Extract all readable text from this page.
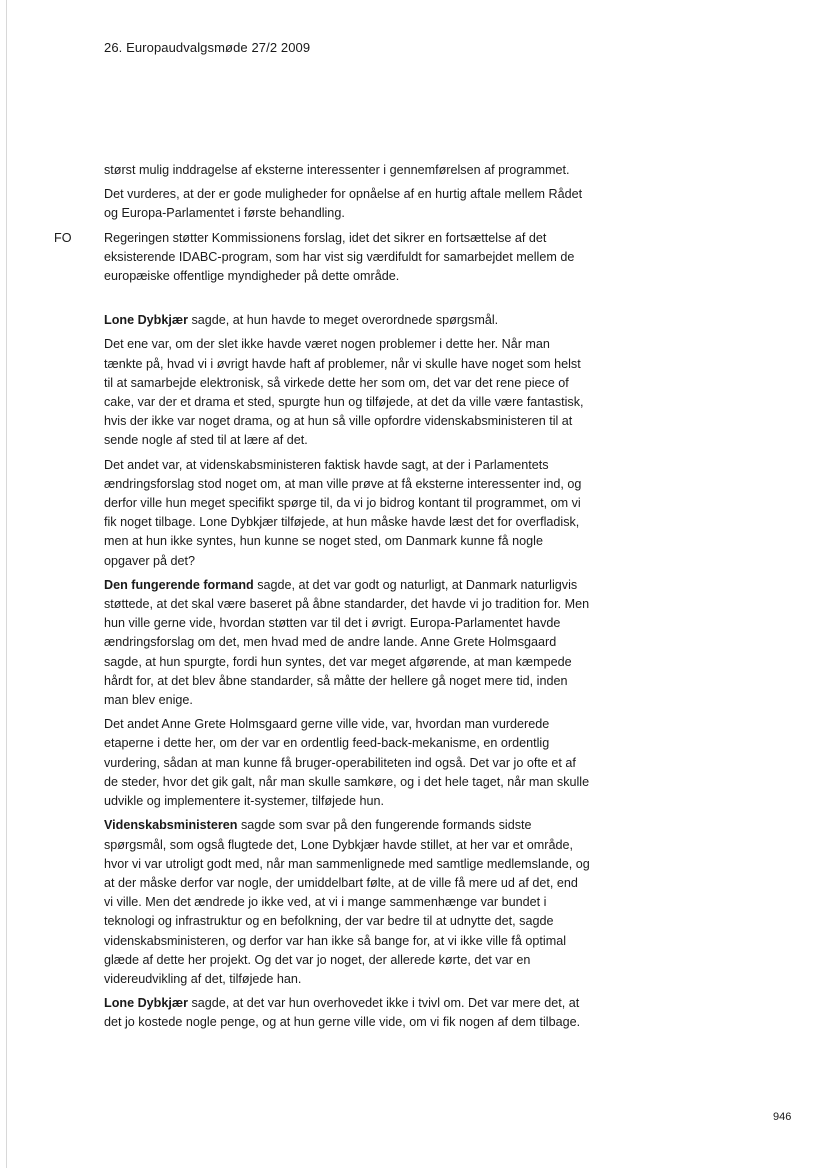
26. Europaudvalgsmøde 27/2 2009

størst mulig inddragelse af eksterne interessenter i gennemførelsen af programmet.

Det vurderes, at der er gode muligheder for opnåelse af en hurtig aftale mellem Rådet og Europa-Parlamentet i første behandling.

FO	Regeringen støtter Kommissionens forslag, idet det sikrer en fortsættelse af det eksisterende IDABC-program, som har vist sig værdifuldt for samarbejdet mellem de europæiske offentlige myndigheder på dette område.

Lone Dybkjær sagde, at hun havde to meget overordnede spørgsmål.

Det ene var, om der slet ikke havde været nogen problemer i dette her. Når man tænkte på, hvad vi i øvrigt havde haft af problemer, når vi skulle have noget som helst til at samarbejde elektronisk, så virkede dette her som om, det var det rene piece of cake, var der et drama et sted, spurgte hun og tilføjede, at det da ville være fantastisk, hvis der ikke var noget drama, og at hun så ville opfordre videnskabsministeren til at sende nogle af sted til at lære af det.

Det andet var, at videnskabsministeren faktisk havde sagt, at der i Parlamentets ændringsforslag stod noget om, at man ville prøve at få eksterne interessenter ind, og derfor ville hun meget specifikt spørge til, da vi jo bidrog kontant til programmet, om vi fik noget tilbage. Lone Dybkjær tilføjede, at hun måske havde læst det for overfladisk, men at hun ikke syntes, hun kunne se noget sted, om Danmark kunne få nogle opgaver på det?

Den fungerende formand sagde, at det var godt og naturligt, at Danmark naturligvis støttede, at det skal være baseret på åbne standarder, det havde vi jo tradition for. Men hun ville gerne vide, hvordan støtten var til det i øvrigt. Europa-Parlamentet havde ændringsforslag om det, men hvad med de andre lande. Anne Grete Holmsgaard sagde, at hun spurgte, fordi hun syntes, det var meget afgørende, at man kæmpede hårdt for, at det blev åbne standarder, så måtte der hellere gå noget mere tid, inden man blev enige.

Det andet Anne Grete Holmsgaard gerne ville vide, var, hvordan man vurderede etaperne i dette her, om der var en ordentlig feed-back-mekanisme, en ordentlig vurdering, sådan at man kunne få bruger-operabiliteten ind også. Det var jo ofte et af de steder, hvor det gik galt, når man skulle samkøre, og i det hele taget, når man skulle udvikle og implementere it-systemer, tilføjede hun.

Videnskabsministeren sagde som svar på den fungerende formands sidste spørgsmål, som også flugtede det, Lone Dybkjær havde stillet, at her var et område, hvor vi var utroligt godt med, når man sammenlignede med samtlige medlemslande, og at der måske derfor var nogle, der umiddelbart følte, at de ville få mere ud af det, end vi ville. Men det ændrede jo ikke ved, at vi i mange sammenhænge var bundet i teknologi og infrastruktur og en befolkning, der var bedre til at udnytte det, sagde videnskabsministeren, og derfor var han ikke så bange for, at vi ikke ville få optimal glæde af dette her projekt. Og det var jo noget, der allerede kørte, det var en videreudvikling af det, tilføjede han.

Lone Dybkjær sagde, at det var hun overhovedet ikke i tvivl om. Det var mere det, at det jo kostede nogle penge, og at hun gerne ville vide, om vi fik nogen af dem tilbage.

946
